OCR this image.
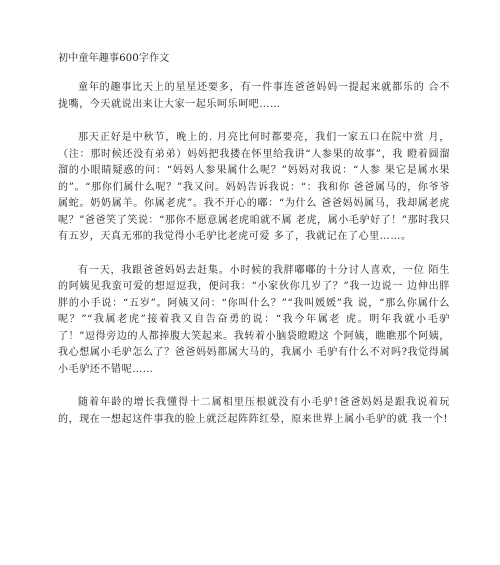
初中童年趣事600字作文

童年的趣事比天上的星星还要多，有一件事连爸爸妈妈一提起来就都乐的 合不拢嘴，今天就说出来让大家一起乐呵乐呵吧……

那天正好是中秋节，晚上的. 月亮比何时都要亮，我们一家五口在院中赏 月，（注：那时候还没有弟弟）妈妈把我搂在怀里给我讲“人参果的故事”，我 瞪着圆溜溜的小眼睛疑惑的问：“妈妈人参果属什么呢？”妈妈对我说：“人参 果它是属水果的”。“那你们属什么呢？”我又问。妈妈告诉我说：“：我和你 爸爸属马的，你爷爷属蛇。奶奶属羊。你属老虎”。我不开心的嘟：“为什么 爸爸妈妈属马，我却属老虎呢？”爸爸笑了笑说：“那你不愿意属老虎咱就不属 老虎，属小毛驴好了！”那时我只有五岁，天真无邪的我觉得小毛驴比老虎可爱 多了，我就记在了心里……。

有一天，我跟爸爸妈妈去赶集。小时候的我胖嘟嘟的十分讨人喜欢，一位 陌生的阿姨见我蛮可爱的想逗逗我，便问我：“小家伙你几岁了？”我一边说一 边伸出胖胖的小手说：“五岁”。阿姨又问：“你叫什么？”“我叫媛媛”我 说，“那么你属什么呢？”“我属老虎”接着我又自告奋勇的说：“我今年属老 虎。明年我就小毛驴了！”逗得旁边的人都捧腹大笑起来。我转着小脑袋瞪瞪这 个阿姨，瞧瞧那个阿姨，我心想属小毛驴怎么了？爸爸妈妈都属大马的，我属小 毛驴有什么不对吗?我觉得属小毛驴还不错呢……

随着年龄的增长我懂得十二属相里压根就没有小毛驴!爸爸妈妈是跟我说着玩的，现在一想起这件事我的脸上就泛起阵阵红晕，原来世界上属小毛驴的就 我一个!
